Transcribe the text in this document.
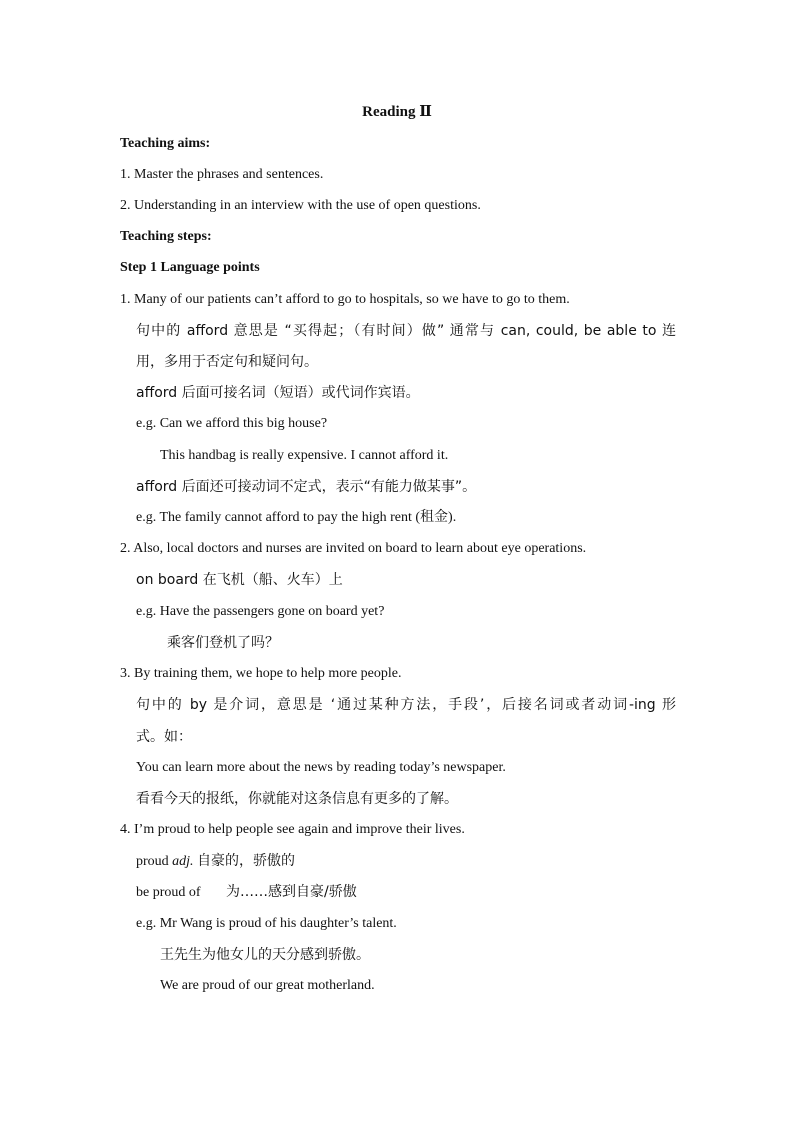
Reading Ⅱ
Teaching aims:
1. Master the phrases and sentences.
2. Understanding in an interview with the use of open questions.
Teaching steps:
Step 1 Language points
1. Many of our patients can’t afford to go to hospitals, so we have to go to them.
句中的 afford 意思是 “买得起；（有时间）做” 通常与 can, could, be able to 连
用，多用于否定句和疑问句。
afford 后面可接名词（短语）或代词作宾语。
e.g. Can we afford this big house?
This handbag is really expensive. I cannot afford it.
afford 后面还可接动词不定式，表示“有能力做某事”。
e.g. The family cannot afford to pay the high rent (租金).
2. Also, local doctors and nurses are invited on board to learn about eye operations.
on board 在飞机（船、火车）上
e.g. Have the passengers gone on board yet?
乘客们登机了吗？
3. By training them, we hope to help more people.
句中的 by 是介词，意思是 ‘通过某种方法，手段’，后接名词或者动词-ing 形
式。如：
You can learn more about the news by reading today’s newspaper.
看看今天的报纸，你就能对这条信息有更多的了解。
4. I’m proud to help people see again and improve their lives.
proud adj. 自豪的，骄傲的
be proud of 为……感到自豪/骄傲
e.g. Mr Wang is proud of his daughter’s talent.
王先生为他女儿的天分感到骄傲。
We are proud of our great motherland.
